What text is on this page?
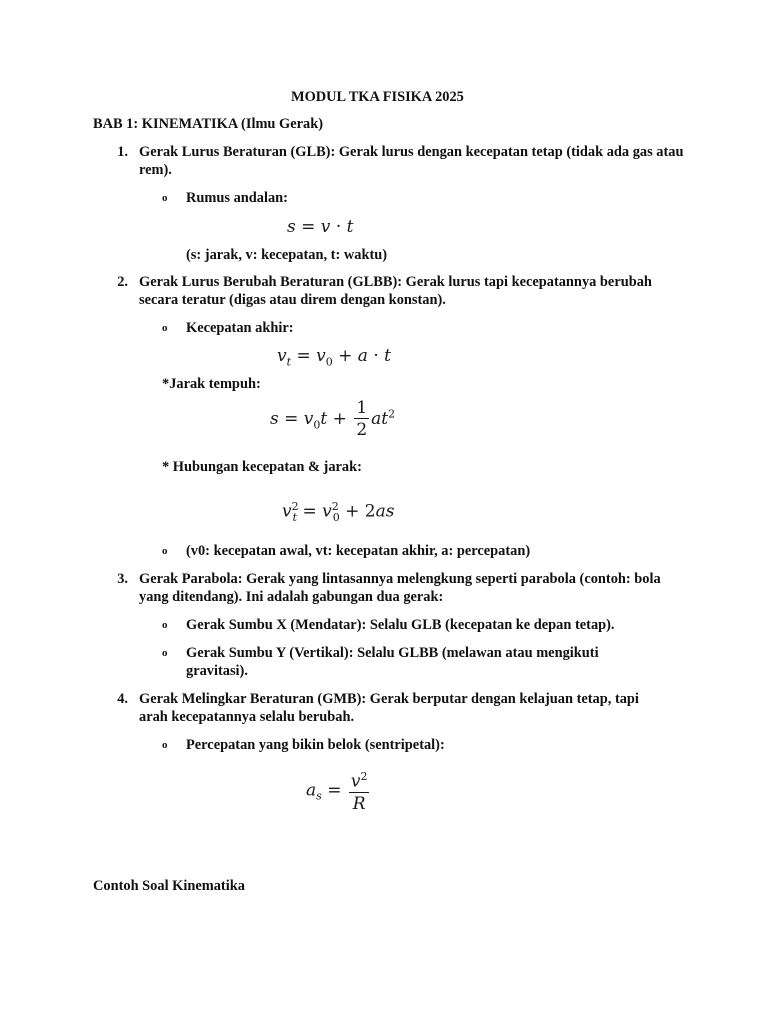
MODUL TKA FISIKA 2025
BAB 1: KINEMATIKA (Ilmu Gerak)
1. Gerak Lurus Beraturan (GLB): Gerak lurus dengan kecepatan tetap (tidak ada gas atau rem).
o Rumus andalan:
s = v · t
(s: jarak, v: kecepatan, t: waktu)
2. Gerak Lurus Berubah Beraturan (GLBB): Gerak lurus tapi kecepatannya berubah secara teratur (digas atau direm dengan konstan).
o Kecepatan akhir:
$v_t = v_0 + a \cdot t$
*Jarak tempuh:
$s = v_0t + \frac{1}{2} at^2$
* Hubungan kecepatan & jarak:
$v^2_t = v^2_0 + 2as$
o (v0: kecepatan awal, vt: kecepatan akhir, a: percepatan)
3. Gerak Parabola: Gerak yang lintasannya melengkung seperti parabola (contoh: bola yang ditendang). Ini adalah gabungan dua gerak:
o Gerak Sumbu X (Mendatar): Selalu GLB (kecepatan ke depan tetap).
o Gerak Sumbu Y (Vertikal): Selalu GLBB (melawan atau mengikuti gravitasi).
4. Gerak Melingkar Beraturan (GMB): Gerak berputar dengan kelajuan tetap, tapi arah kecepatannya selalu berubah.
o Percepatan yang bikin belok (sentripetal):
$a_s = \frac{v^2}{R}$
Contoh Soal Kinematika
